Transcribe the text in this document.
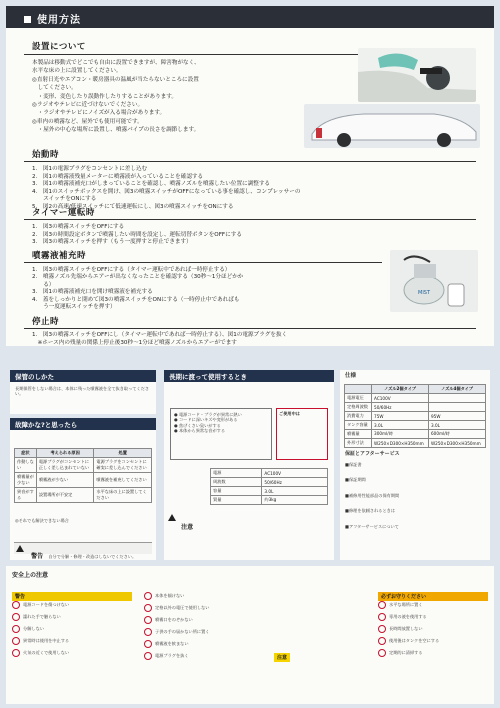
使用方法
設置について
本製品は移動式でどこでも自由に設置できますが、障害物がなく、
水平な床の上に設置してください。
◎直射日光やエアコン・暖房器具の温風が当たらないところに設置
　してください。
　・変形、変色したり誤動作したりすることがあります。
◎ラジオやテレビに近づけないでください。
　・ラジオやテレビにノイズが入る場合があります。
◎車内の噴霧など、屋外でも使用可能です。
　・屋外の中心な場所に設置し、噴霧パイプの長さを調節します。
始動時
1.　図1の電源プラグをコンセントに差し込む
2.　図1の噴霧液残量メーターに噴霧液が入っていることを確認する
3.　図1の噴霧液補充口がしまっていることを確認し、噴霧ノズルを噴霧したい位置に調整する
4.　図1のスイッチボックスを開け、図3の噴霧スイッチがOFFになっている事を確認し、コンプレッサーの
　　スイッチをONにする
5.　図2の高速/低速スイッチにて低速運転にし、図3の噴霧スイッチをONにする
タイマー運転時
1.　図3の噴霧スイッチをOFFにする
2.　図3の時間設定ボタンで噴霧したい時間を設定し、運転切替ボタンをOFFにする
3.　図3の噴霧スイッチを押す（もう一度押すと停止できます）
噴霧液補充時
1.　図3の噴霧スイッチをOFFにする（タイマー運転中であれば一時停止する）
2.　噴霧ノズル先端からエアーが出なくなったことを確認する（30秒～1分ほどかか
　　る）
3.　図1の噴霧液補充口を開け噴霧液を補充する
4.　蓋をしっかりと閉めて図3の噴霧スイッチをONにする（一時停止中であればも
　　う一度運転スイッチを押す）
MIST
停止時
1.　図3の噴霧スイッチをOFFにし（タイマー運転中であれば一時停止する）、図1の電源プラグを抜く
　※ホース内の残量の関係上停止後30秒～1分ほど噴霧ノズルからエアーがでます
保管のしかた
長期保管をしない場合は、本体に残った噴霧液を全て抜き取ってください。
故障かな?と思ったら
症状	考えられる原因	処置
作動しない	電源プラグがコンセントに正しく差し込まれていない	電源プラグをコンセントに確実に差し込んでください
噴霧量が少ない	噴霧液が少ない	噴霧液を補充してください
異音がする	設置場所が不安定	水平な床の上に設置してください
◎それでも解決できない場合
警告 自分で分解・修理・改造はしないでください。
長期に渡って使用するとき
● 電源コード・プラグが異常に熱い
● コードに深いキズや変形がある
● 焦げくさい臭いがする
● 本体から異常な音がする
ご使用中は
電源	AC100V
周波数	50/60Hz
容量	3.0L
質量	約3kg
注意
仕様
	ノズル2個タイプ	ノズル4個タイプ
電源電圧	AC100V	
定格周波数	50/60Hz	
消費電力	75W	95W
タンク容量	3.0L	3.0L
噴霧量	300ml/時	600ml/時
外形寸法	W250×D300×H350mm	W250×D300×H350mm
保証とアフターサービス
■保証書
■保証期間
■補修用性能部品の保有期間
■修理を依頼されるときは
■アフターサービスについて
安全上の注意
警告
電源コードを傷つけない
濡れた手で触らない
分解しない
異常時は使用を中止する
火気の近くで使用しない
本体を傾けない
定格以外の電圧で使用しない
噴霧口をのぞかない
子供の手の届かない所に置く
噴霧液を飲まない
電源プラグを抜く	注意
必ずお守りください
水平な場所に置く
専用の液を使用する
長時間放置しない
使用後はタンクを空にする
定期的に清掃する
